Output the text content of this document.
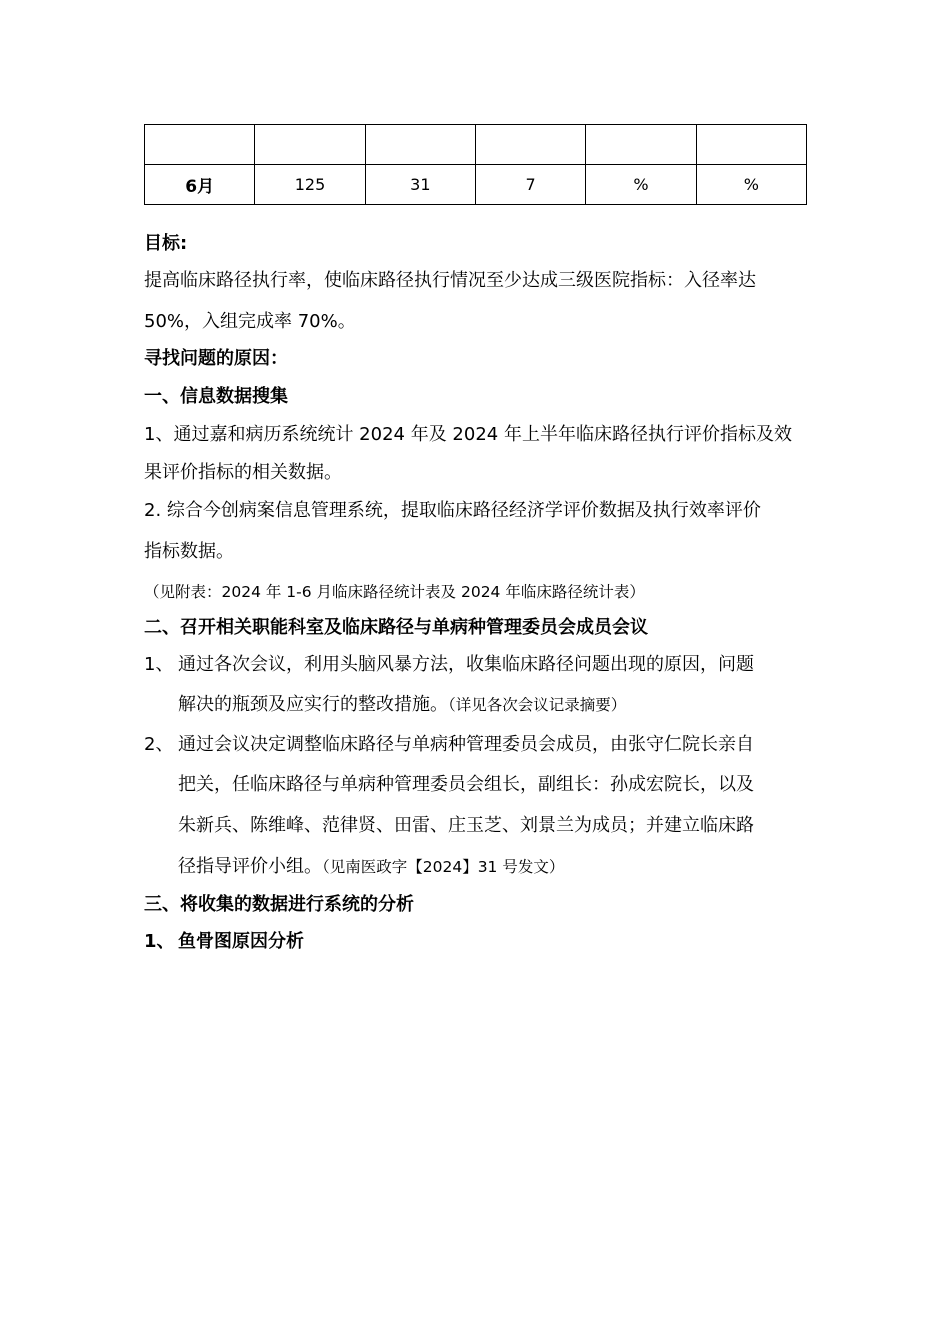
6月	125	31	7	%	%
目标:
提高临床路径执行率，使临床路径执行情况至少达成三级医院指标：入径率达
50%，入组完成率 70%。
寻找问题的原因：
一、信息数据搜集
1、通过嘉和病历系统统计 2024 年及 2024 年上半年临床路径执行评价指标及效
果评价指标的相关数据。
2. 综合今创病案信息管理系统，提取临床路径经济学评价数据及执行效率评价
指标数据。
（见附表：2024 年 1-6 月临床路径统计表及 2024 年临床路径统计表）
二、召开相关职能科室及临床路径与单病种管理委员会成员会议
1、 通过各次会议，利用头脑风暴方法，收集临床路径问题出现的原因，问题
解决的瓶颈及应实行的整改措施。（详见各次会议记录摘要）
2、 通过会议决定调整临床路径与单病种管理委员会成员，由张守仁院长亲自
把关，任临床路径与单病种管理委员会组长，副组长：孙成宏院长，以及
朱新兵、陈维峰、范律贤、田雷、庄玉芝、刘景兰为成员；并建立临床路
径指导评价小组。（见南医政字【2024】31 号发文）
三、将收集的数据进行系统的分析
1、 鱼骨图原因分析
